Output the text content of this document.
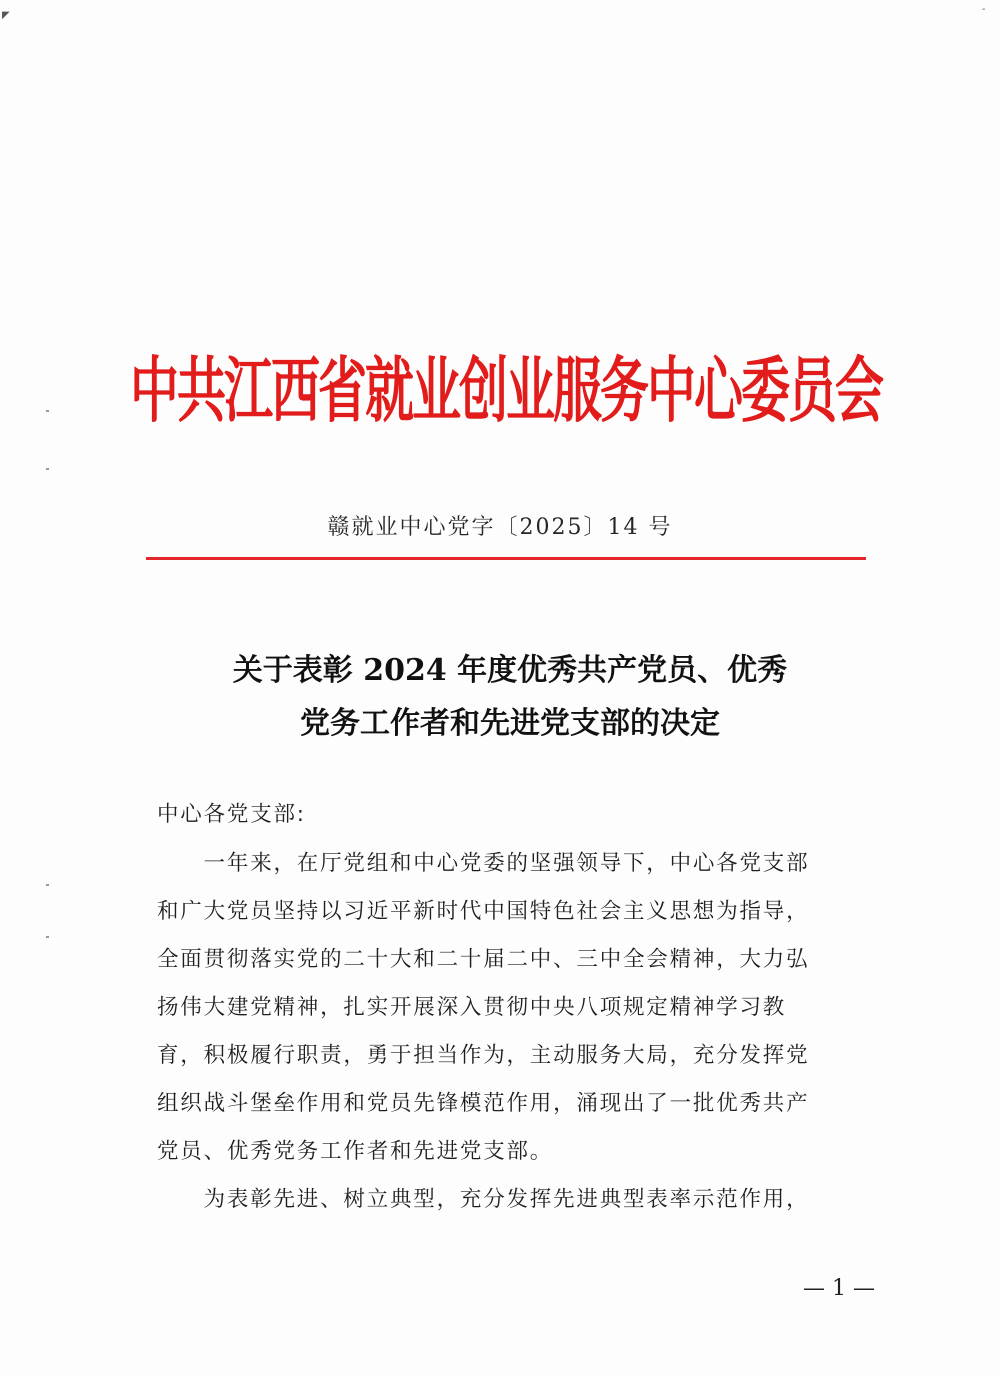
◤
-
中共江西省就业创业服务中心委员会
赣就业中心党字〔2025〕14 号
关于表彰 2024 年度优秀共产党员、优秀
党务工作者和先进党支部的决定
中心各党支部:
　　一年来，在厅党组和中心党委的坚强领导下，中心各党支部
和广大党员坚持以习近平新时代中国特色社会主义思想为指导，
全面贯彻落实党的二十大和二十届二中、三中全会精神，大力弘
扬伟大建党精神，扎实开展深入贯彻中央八项规定精神学习教
育，积极履行职责，勇于担当作为，主动服务大局，充分发挥党
组织战斗堡垒作用和党员先锋模范作用，涌现出了一批优秀共产
党员、优秀党务工作者和先进党支部。
　　为表彰先进、树立典型，充分发挥先进典型表率示范作用，
— 1 —
